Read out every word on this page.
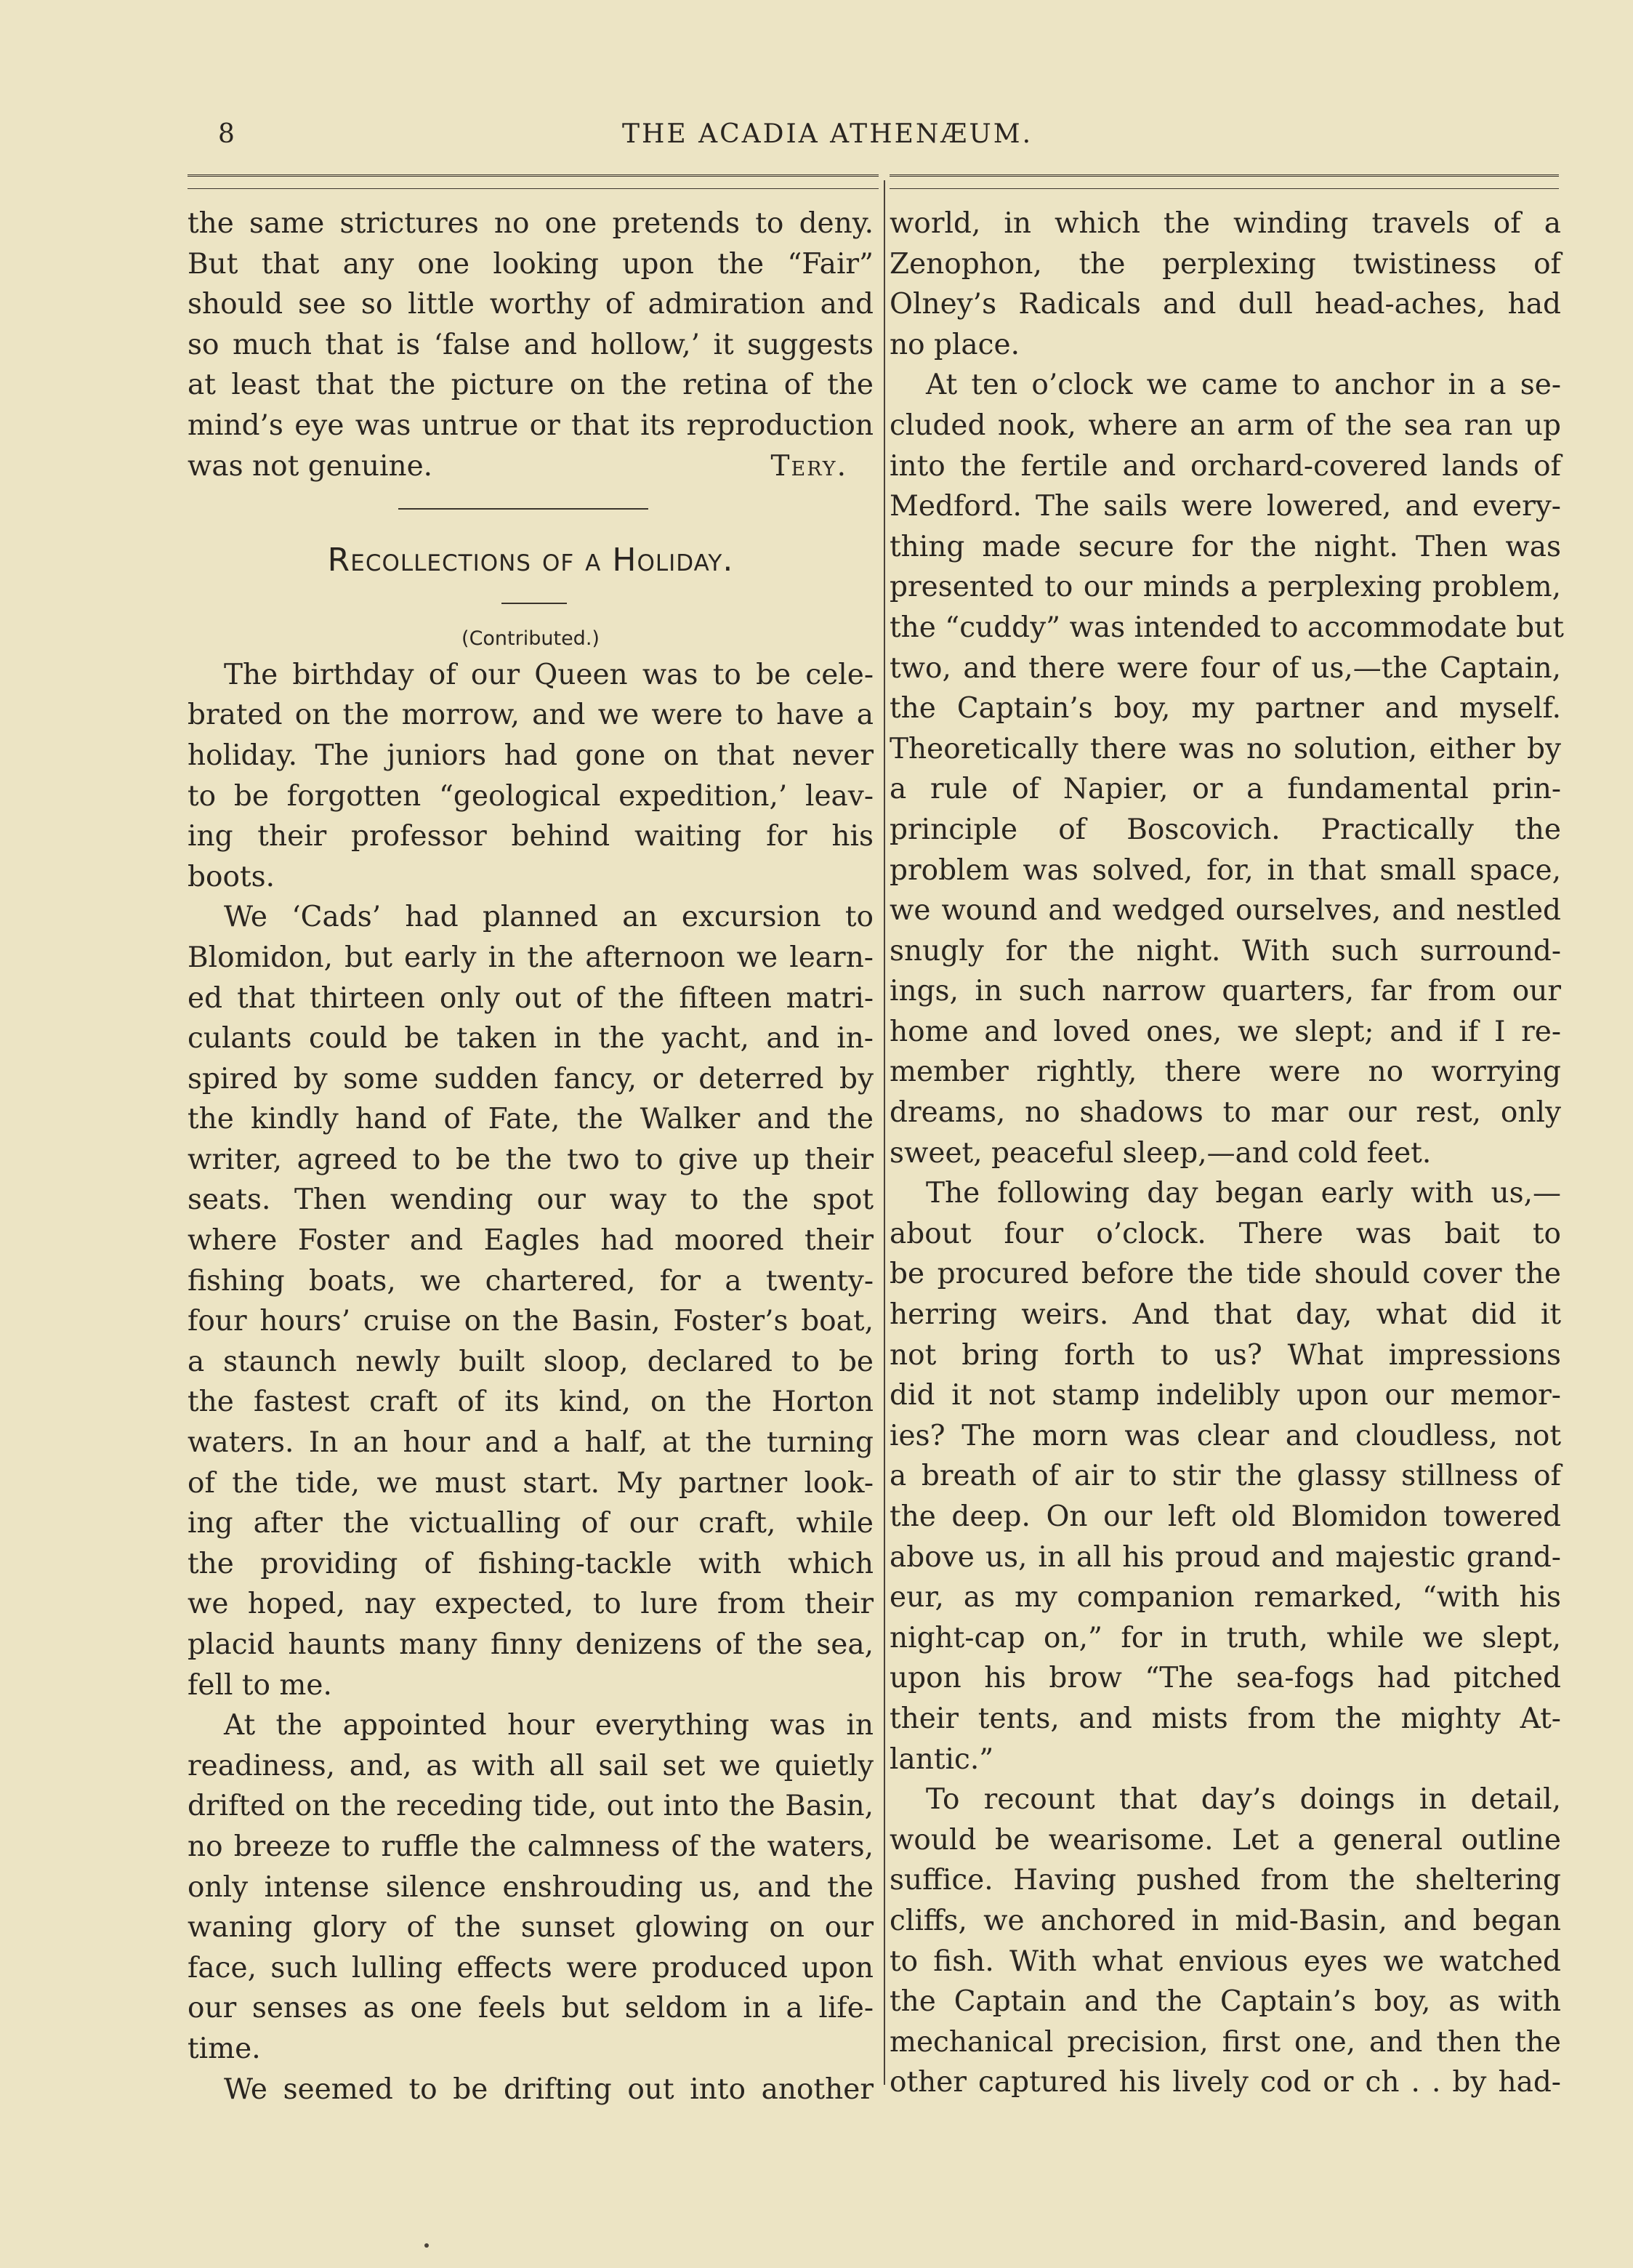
8	THE ACADIA ATHENÆUM.
the same strictures no one pretends to deny.
But that any one looking upon the “Fair”
should see so little worthy of admiration and
so much that is ‘false and hollow,’ it suggests
at least that the picture on the retina of the
mind’s eye was untrue or that its reproduction
was not genuine.	Tery.
Recollections of a Holiday.
(Contributed.)
The birthday of our Queen was to be cele-
brated on the morrow, and we were to have a
holiday. The juniors had gone on that never
to be forgotten “geological expedition,’ leav-
ing their professor behind waiting for his
boots.
We ‘Cads’ had planned an excursion to
Blomidon, but early in the afternoon we learn-
ed that thirteen only out of the fifteen matri-
culants could be taken in the yacht, and in-
spired by some sudden fancy, or deterred by
the kindly hand of Fate, the Walker and the
writer, agreed to be the two to give up their
seats. Then wending our way to the spot
where Foster and Eagles had moored their
fishing boats, we chartered, for a twenty-
four hours’ cruise on the Basin, Foster’s boat,
a staunch newly built sloop, declared to be
the fastest craft of its kind, on the Horton
waters. In an hour and a half, at the turning
of the tide, we must start. My partner look-
ing after the victualling of our craft, while
the providing of fishing-tackle with which
we hoped, nay expected, to lure from their
placid haunts many finny denizens of the sea,
fell to me.
At the appointed hour everything was in
readiness, and, as with all sail set we quietly
drifted on the receding tide, out into the Basin,
no breeze to ruffle the calmness of the waters,
only intense silence enshrouding us, and the
waning glory of the sunset glowing on our
face, such lulling effects were produced upon
our senses as one feels but seldom in a life-
time.
We seemed to be drifting out into another
world, in which the winding travels of a
Zenophon, the perplexing twistiness of
Olney’s Radicals and dull head-aches, had
no place.
At ten o’clock we came to anchor in a se-
cluded nook, where an arm of the sea ran up
into the fertile and orchard-covered lands of
Medford. The sails were lowered, and every-
thing made secure for the night. Then was
presented to our minds a perplexing problem,
the “cuddy” was intended to accommodate but
two, and there were four of us,—the Captain,
the Captain’s boy, my partner and myself.
Theoretically there was no solution, either by
a rule of Napier, or a fundamental prin-
principle of Boscovich. Practically the
problem was solved, for, in that small space,
we wound and wedged ourselves, and nestled
snugly for the night. With such surround-
ings, in such narrow quarters, far from our
home and loved ones, we slept; and if I re-
member rightly, there were no worrying
dreams, no shadows to mar our rest, only
sweet, peaceful sleep,—and cold feet.
The following day began early with us,—
about four o’clock. There was bait to
be procured before the tide should cover the
herring weirs. And that day, what did it
not bring forth to us? What impressions
did it not stamp indelibly upon our memor-
ies? The morn was clear and cloudless, not
a breath of air to stir the glassy stillness of
the deep. On our left old Blomidon towered
above us, in all his proud and majestic grand-
eur, as my companion remarked, “with his
night-cap on,” for in truth, while we slept,
upon his brow “The sea-fogs had pitched
their tents, and mists from the mighty At-
lantic.”
To recount that day’s doings in detail,
would be wearisome. Let a general outline
suffice. Having pushed from the sheltering
cliffs, we anchored in mid-Basin, and began
to fish. With what envious eyes we watched
the Captain and the Captain’s boy, as with
mechanical precision, first one, and then the
other captured his lively cod or ch . . by had-
